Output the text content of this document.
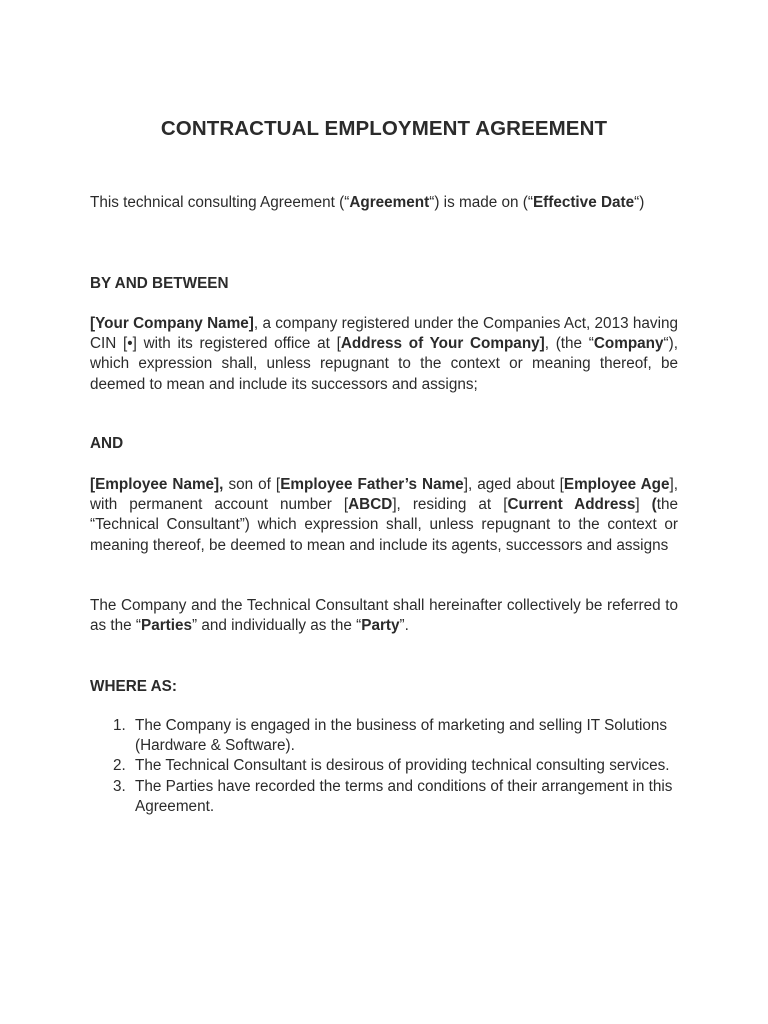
CONTRACTUAL EMPLOYMENT AGREEMENT
This technical consulting Agreement (“Agreement“) is made on (“Effective Date“)
BY AND BETWEEN
[Your Company Name], a company registered under the Companies Act, 2013 having CIN [•] with its registered office at [Address of Your Company], (the “Company“), which expression shall, unless repugnant to the context or meaning thereof, be deemed to mean and include its successors and assigns;
AND
[Employee Name], son of [Employee Father’s Name], aged about [Employee Age], with permanent account number [ABCD], residing at [Current Address] (the “Technical Consultant”) which expression shall, unless repugnant to the context or meaning thereof, be deemed to mean and include its agents, successors and assigns
The Company and the Technical Consultant shall hereinafter collectively be referred to as the “Parties” and individually as the “Party”.
WHERE AS:
1. The Company is engaged in the business of marketing and selling IT Solutions (Hardware & Software).
2. The Technical Consultant is desirous of providing technical consulting services.
3. The Parties have recorded the terms and conditions of their arrangement in this Agreement.
